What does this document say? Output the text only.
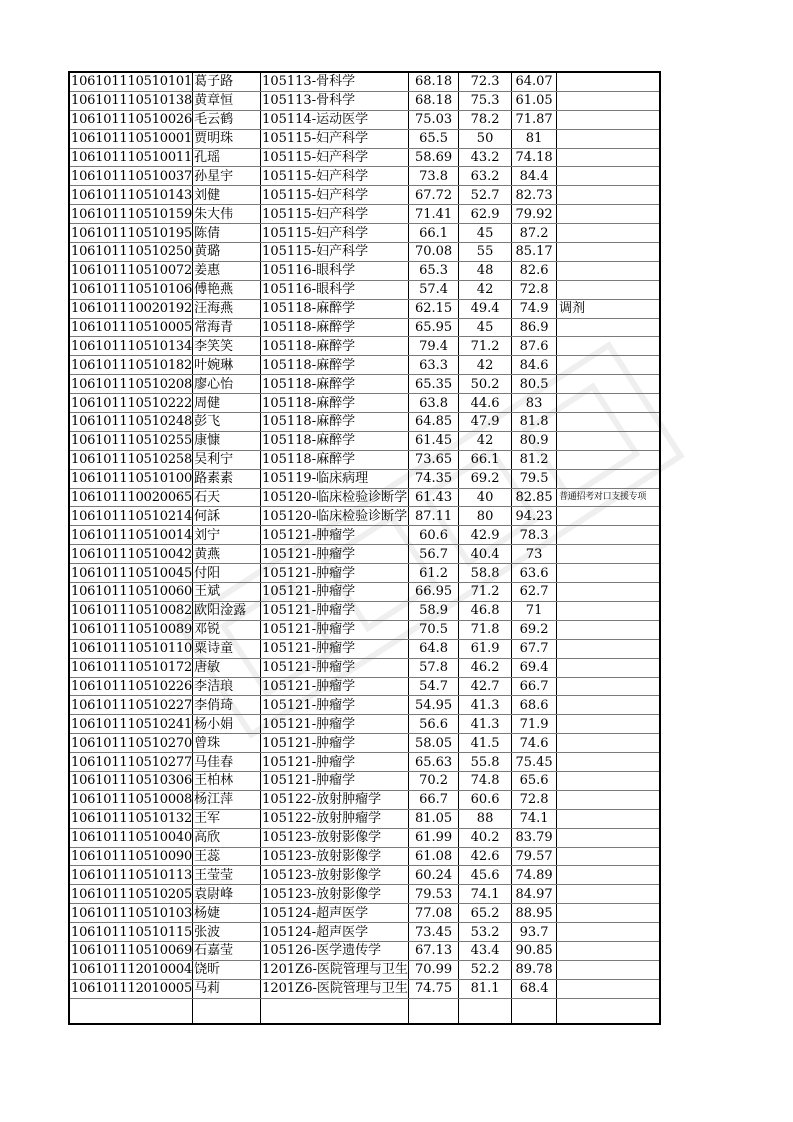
106101110510101	葛子路	105113-骨科学	68.18	72.3	64.07	
106101110510138	黄章恒	105113-骨科学	68.18	75.3	61.05	
106101110510026	毛云鹤	105114-运动医学	75.03	78.2	71.87	
106101110510001	贾明珠	105115-妇产科学	65.5	50	81	
106101110510011	孔瑶	105115-妇产科学	58.69	43.2	74.18	
106101110510037	孙星宇	105115-妇产科学	73.8	63.2	84.4	
106101110510143	刘健	105115-妇产科学	67.72	52.7	82.73	
106101110510159	朱大伟	105115-妇产科学	71.41	62.9	79.92	
106101110510195	陈倩	105115-妇产科学	66.1	45	87.2	
106101110510250	黄璐	105115-妇产科学	70.08	55	85.17	
106101110510072	姜惠	105116-眼科学	65.3	48	82.6	
106101110510106	傅艳燕	105116-眼科学	57.4	42	72.8	
106101110020192	汪海燕	105118-麻醉学	62.15	49.4	74.9	调剂
106101110510005	常海青	105118-麻醉学	65.95	45	86.9	
106101110510134	李笑笑	105118-麻醉学	79.4	71.2	87.6	
106101110510182	叶婉琳	105118-麻醉学	63.3	42	84.6	
106101110510208	廖心怡	105118-麻醉学	65.35	50.2	80.5	
106101110510222	周健	105118-麻醉学	63.8	44.6	83	
106101110510248	彭飞	105118-麻醉学	64.85	47.9	81.8	
106101110510255	康慷	105118-麻醉学	61.45	42	80.9	
106101110510258	吴利宁	105118-麻醉学	73.65	66.1	81.2	
106101110510100	路素素	105119-临床病理	74.35	69.2	79.5	
106101110020065	石天	105120-临床检验诊断学	61.43	40	82.85	普通招考对口支援专项
106101110510214	何訸	105120-临床检验诊断学	87.11	80	94.23	
106101110510014	刘宁	105121-肿瘤学	60.6	42.9	78.3	
106101110510042	黄燕	105121-肿瘤学	56.7	40.4	73	
106101110510045	付阳	105121-肿瘤学	61.2	58.8	63.6	
106101110510060	王斌	105121-肿瘤学	66.95	71.2	62.7	
106101110510082	欧阳淦露	105121-肿瘤学	58.9	46.8	71	
106101110510089	邓锐	105121-肿瘤学	70.5	71.8	69.2	
106101110510110	粟诗童	105121-肿瘤学	64.8	61.9	67.7	
106101110510172	唐敏	105121-肿瘤学	57.8	46.2	69.4	
106101110510226	李洁琅	105121-肿瘤学	54.7	42.7	66.7	
106101110510227	李俏琦	105121-肿瘤学	54.95	41.3	68.6	
106101110510241	杨小娟	105121-肿瘤学	56.6	41.3	71.9	
106101110510270	曾珠	105121-肿瘤学	58.05	41.5	74.6	
106101110510277	马佳春	105121-肿瘤学	65.63	55.8	75.45	
106101110510306	王柏林	105121-肿瘤学	70.2	74.8	65.6	
106101110510008	杨江萍	105122-放射肿瘤学	66.7	60.6	72.8	
106101110510132	王军	105122-放射肿瘤学	81.05	88	74.1	
106101110510040	高欣	105123-放射影像学	61.99	40.2	83.79	
106101110510090	王蕊	105123-放射影像学	61.08	42.6	79.57	
106101110510113	王莹莹	105123-放射影像学	60.24	45.6	74.89	
106101110510205	袁尉峰	105123-放射影像学	79.53	74.1	84.97	
106101110510103	杨婕	105124-超声医学	77.08	65.2	88.95	
106101110510115	张波	105124-超声医学	73.45	53.2	93.7	
106101110510069	石嘉莹	105126-医学遗传学	67.13	43.4	90.85	
106101112010004	饶昕	1201Z6-医院管理与卫生	70.99	52.2	89.78	
106101112010005	马莉	1201Z6-医院管理与卫生	74.75	81.1	68.4	
